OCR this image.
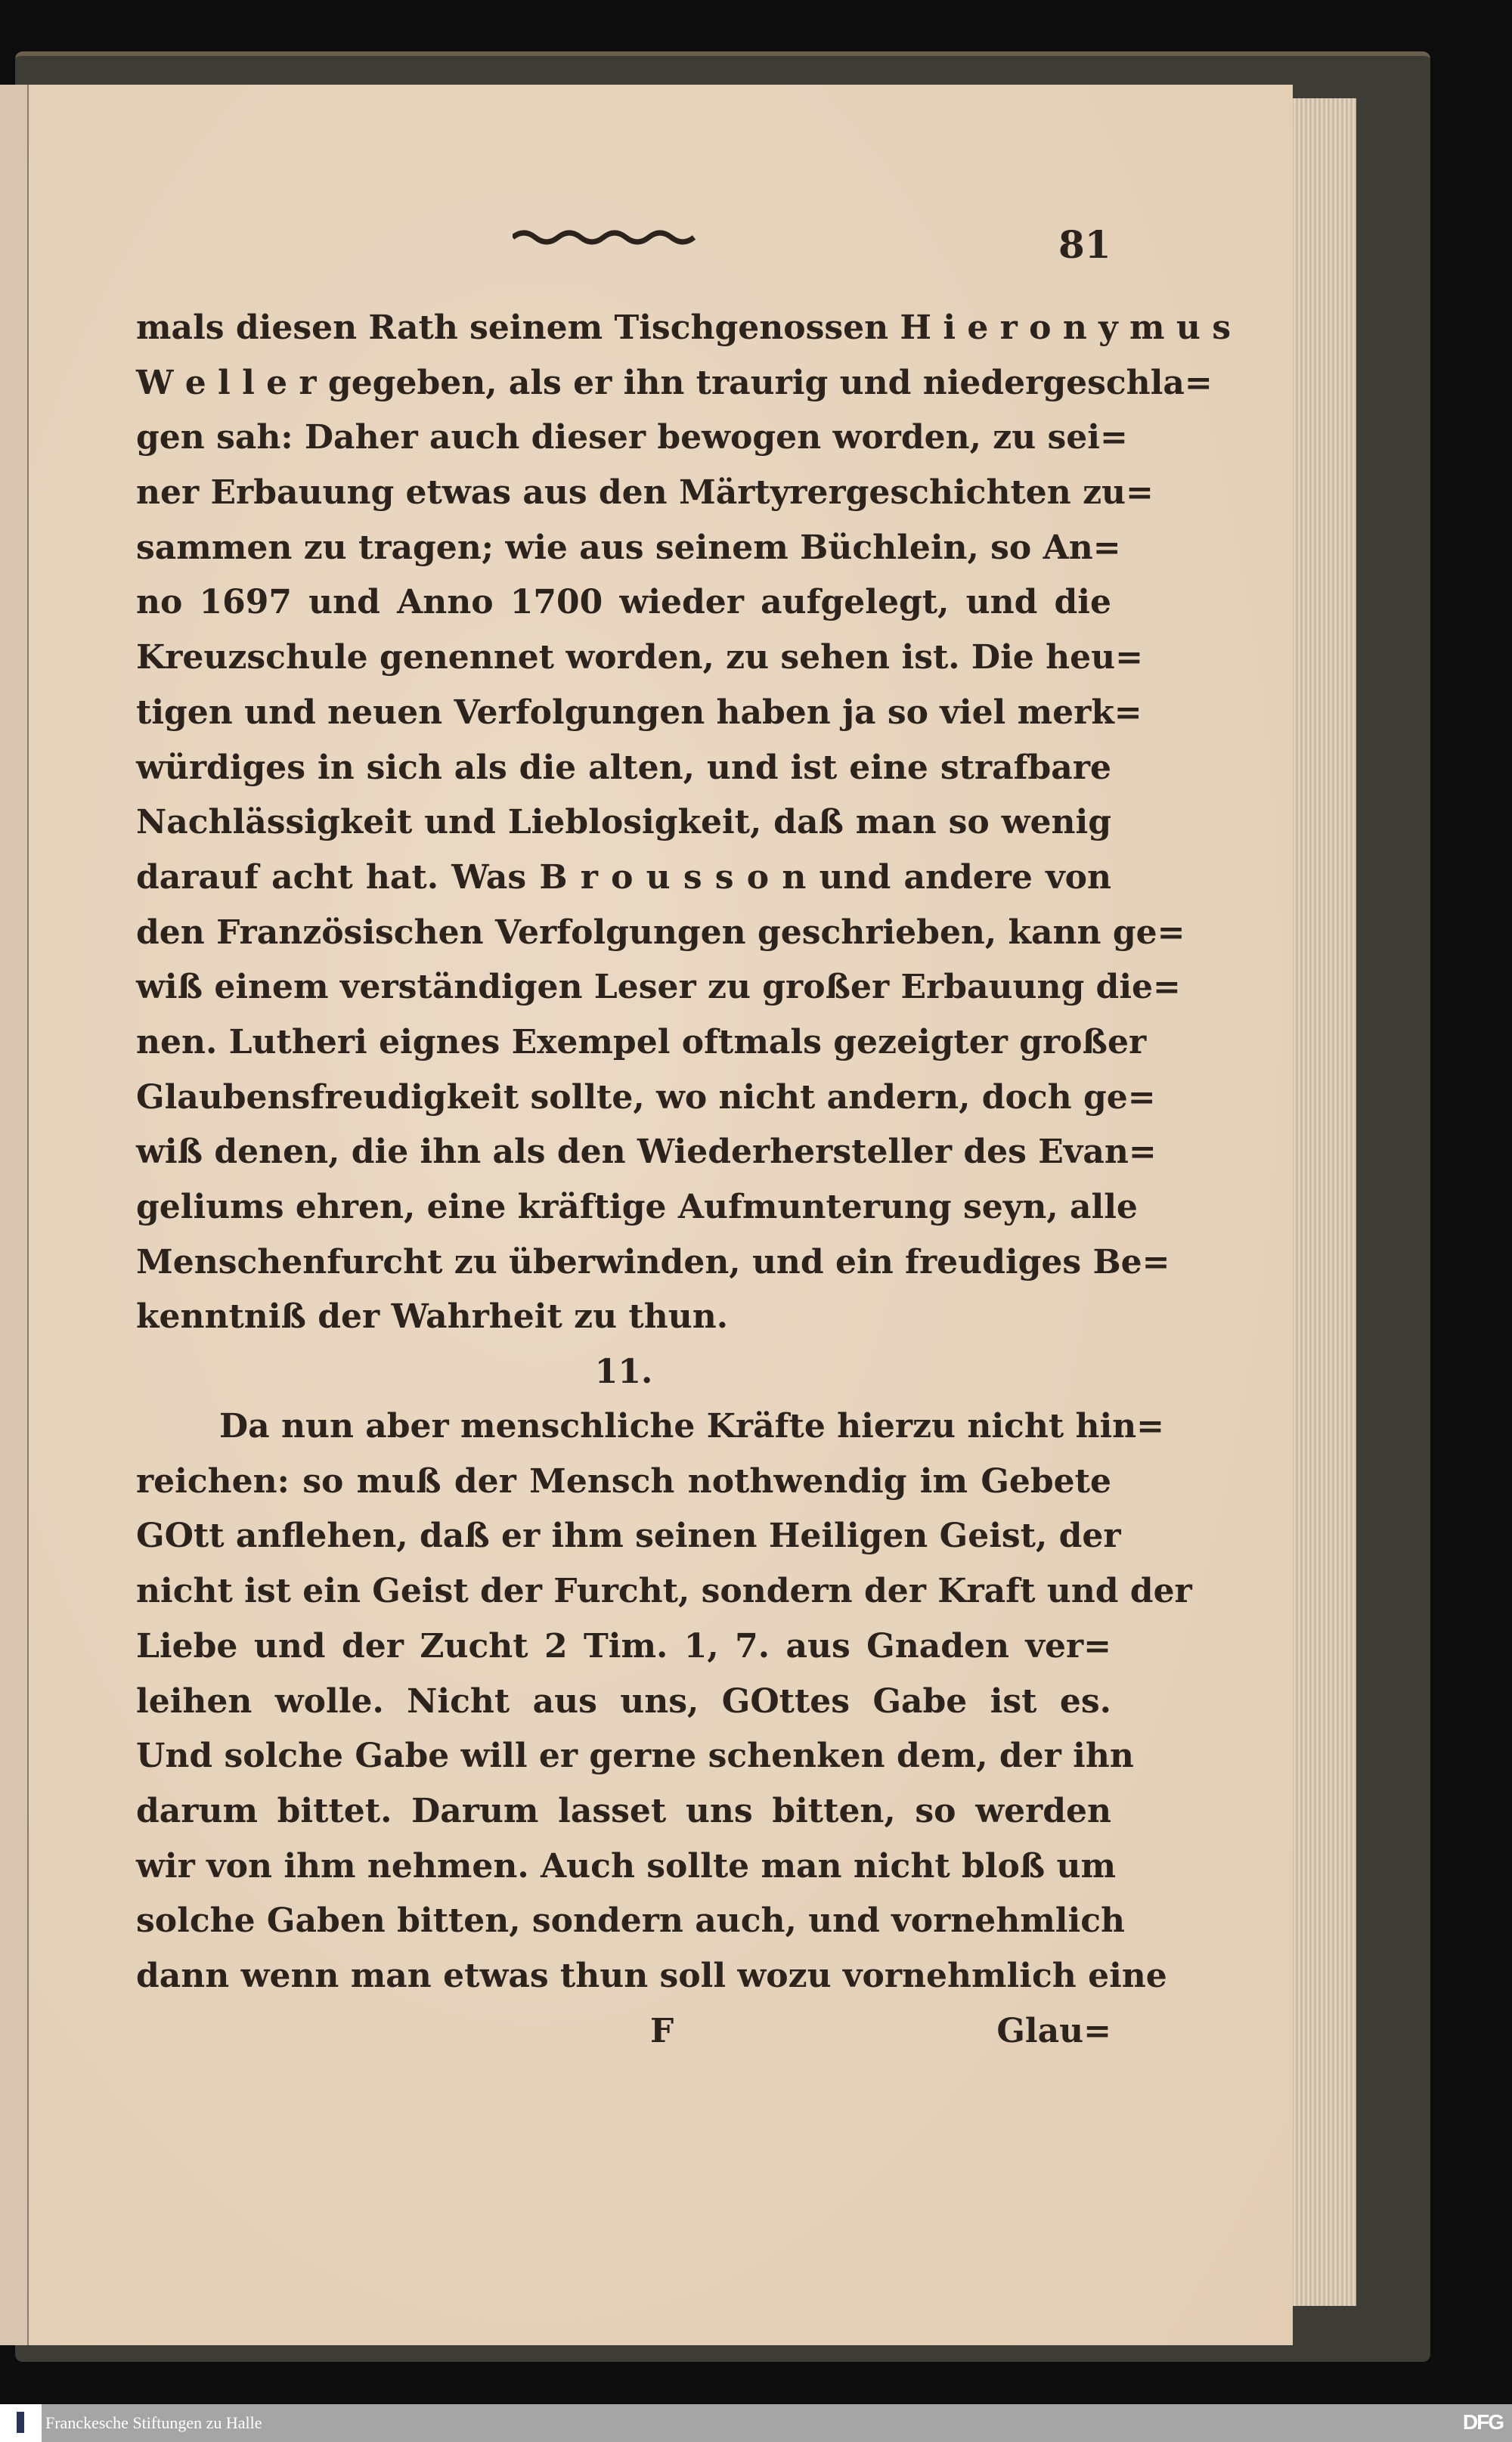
81
mals diesen Rath seinem Tischgenossen H i e r o n y m u s
W e l l e r gegeben, als er ihn traurig und niedergeschla=
gen sah: Daher auch dieser bewogen worden, zu sei=
ner Erbauung etwas aus den Märtyrergeschichten zu=
sammen zu tragen; wie aus seinem Büchlein, so An=
no 1697 und Anno 1700 wieder aufgelegt, und die
Kreuzschule genennet worden, zu sehen ist. Die heu=
tigen und neuen Verfolgungen haben ja so viel merk=
würdiges in sich als die alten, und ist eine strafbare
Nachlässigkeit und Lieblosigkeit, daß man so wenig
darauf acht hat. Was B r o u s s o n und andere von
den Französischen Verfolgungen geschrieben, kann ge=
wiß einem verständigen Leser zu großer Erbauung die=
nen. Lutheri eignes Exempel oftmals gezeigter großer
Glaubensfreudigkeit sollte, wo nicht andern, doch ge=
wiß denen, die ihn als den Wiederhersteller des Evan=
geliums ehren, eine kräftige Aufmunterung seyn, alle
Menschenfurcht zu überwinden, und ein freudiges Be=
kenntniß der Wahrheit zu thun.
11.
Da nun aber menschliche Kräfte hierzu nicht hin=
reichen: so muß der Mensch nothwendig im Gebete
GOtt anflehen, daß er ihm seinen Heiligen Geist, der
nicht ist ein Geist der Furcht, sondern der Kraft und der
Liebe und der Zucht 2 Tim. 1, 7. aus Gnaden ver=
leihen wolle. Nicht aus uns, GOttes Gabe ist es.
Und solche Gabe will er gerne schenken dem, der ihn
darum bittet. Darum lasset uns bitten, so werden
wir von ihm nehmen. Auch sollte man nicht bloß um
solche Gaben bitten, sondern auch, und vornehmlich
dann wenn man etwas thun soll wozu vornehmlich eine
F	Glau=
Franckesche Stiftungen zu Halle	DFG
